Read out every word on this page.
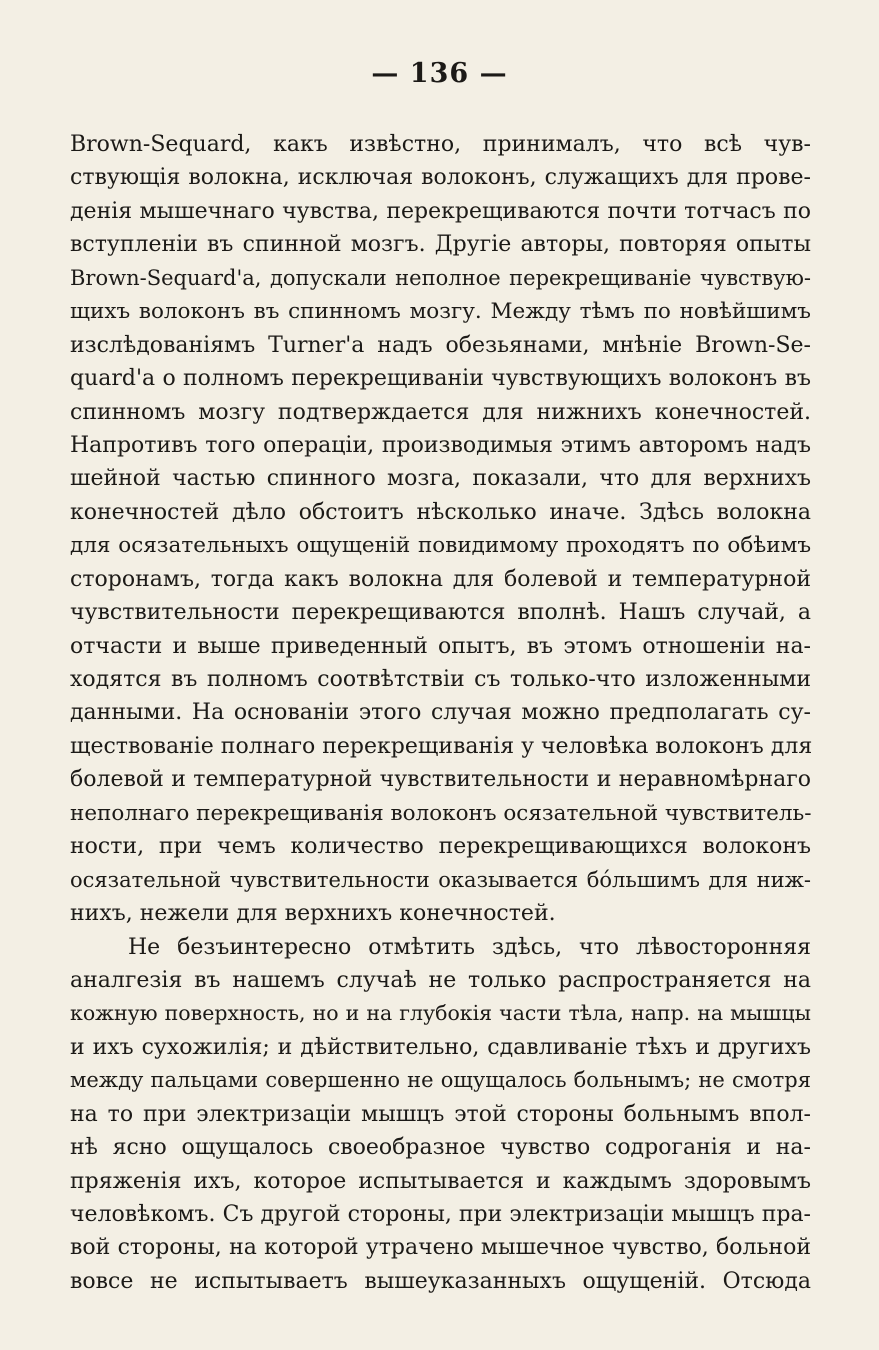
— 136 —
Brown-Sequard, какъ извѣстно, принималъ, что всѣ чув-
ствующія волокна, исключая волоконъ, служащихъ для прове-
денія мышечнаго чувства, перекрещиваются почти тотчасъ по
вступленіи въ спинной мозгъ. Другіе авторы, повторяя опыты
Brown-Sequard'а, допускали неполное перекрещиваніе чувствую-
щихъ волоконъ въ спинномъ мозгу. Между тѣмъ по новѣйшимъ
изслѣдованіямъ Turner'а надъ обезьянами, мнѣніе Brown-Se-
quard'а о полномъ перекрещиваніи чувствующихъ волоконъ въ
спинномъ мозгу подтверждается для нижнихъ конечностей.
Напротивъ того операціи, производимыя этимъ авторомъ надъ
шейной частью спинного мозга, показали, что для верхнихъ
конечностей дѣло обстоитъ нѣсколько иначе. Здѣсь волокна
для осязательныхъ ощущеній повидимому проходятъ по обѣимъ
сторонамъ, тогда какъ волокна для болевой и температурной
чувствительности перекрещиваются вполнѣ. Нашъ случай, а
отчасти и выше приведенный опытъ, въ этомъ отношеніи на-
ходятся въ полномъ соотвѣтствіи съ только-что изложенными
данными. На основаніи этого случая можно предполагать су-
ществованіе полнаго перекрещиванія у человѣка волоконъ для
болевой и температурной чувствительности и неравномѣрнаго
неполнаго перекрещиванія волоконъ осязательной чувствитель-
ности, при чемъ количество перекрещивающихся волоконъ
осязательной чувствительности оказывается бо́льшимъ для ниж-
нихъ, нежели для верхнихъ конечностей.
Не безъинтересно отмѣтить здѣсь, что лѣвосторонняя
аналгезія въ нашемъ случаѣ не только распространяется на
кожную поверхность, но и на глубокія части тѣла, напр. на мышцы
и ихъ сухожилія; и дѣйствительно, сдавливаніе тѣхъ и другихъ
между пальцами совершенно не ощущалось больнымъ; не смотря
на то при электризаціи мышцъ этой стороны больнымъ впол-
нѣ ясно ощущалось своеобразное чувство содроганія и на-
пряженія ихъ, которое испытывается и каждымъ здоровымъ
человѣкомъ. Съ другой стороны, при электризаціи мышцъ пра-
вой стороны, на которой утрачено мышечное чувство, больной
вовсе не испытываетъ вышеуказанныхъ ощущеній. Отсюда
